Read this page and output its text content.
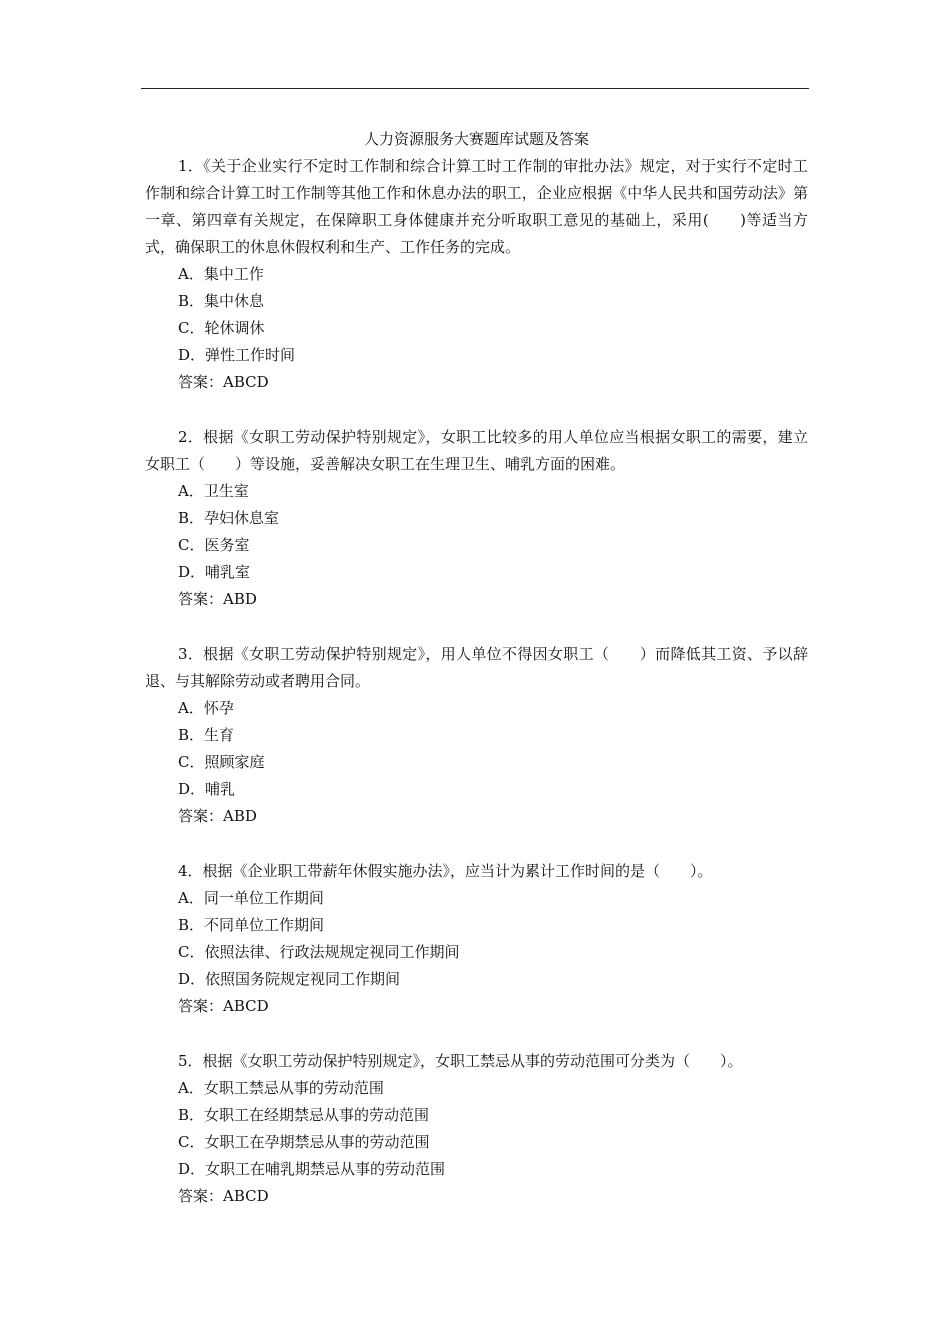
人力资源服务大赛题库试题及答案

1．《关于企业实行不定时工作制和综合计算工时工作制的审批办法》规定，对于实行不定时工作制和综合计算工时工作制等其他工作和休息办法的职工，企业应根据《中华人民共和国劳动法》第一章、第四章有关规定，在保障职工身体健康并充分听取职工意见的基础上，采用(　　)等适当方式，确保职工的休息休假权利和生产、工作任务的完成。

A．集中工作

B．集中休息

C．轮休调休

D．弹性工作时间

答案：ABCD

2．根据《女职工劳动保护特别规定》，女职工比较多的用人单位应当根据女职工的需要，建立女职工（　　）等设施，妥善解决女职工在生理卫生、哺乳方面的困难。

A．卫生室

B．孕妇休息室

C．医务室

D．哺乳室

答案：ABD

3．根据《女职工劳动保护特别规定》，用人单位不得因女职工（　　）而降低其工资、予以辞退、与其解除劳动或者聘用合同。

A．怀孕

B．生育

C．照顾家庭

D．哺乳

答案：ABD

4．根据《企业职工带薪年休假实施办法》，应当计为累计工作时间的是（　　）。

A．同一单位工作期间

B．不同单位工作期间

C．依照法律、行政法规规定视同工作期间

D．依照国务院规定视同工作期间

答案：ABCD

5．根据《女职工劳动保护特别规定》，女职工禁忌从事的劳动范围可分类为（　　）。

A．女职工禁忌从事的劳动范围

B．女职工在经期禁忌从事的劳动范围

C．女职工在孕期禁忌从事的劳动范围

D．女职工在哺乳期禁忌从事的劳动范围

答案：ABCD
